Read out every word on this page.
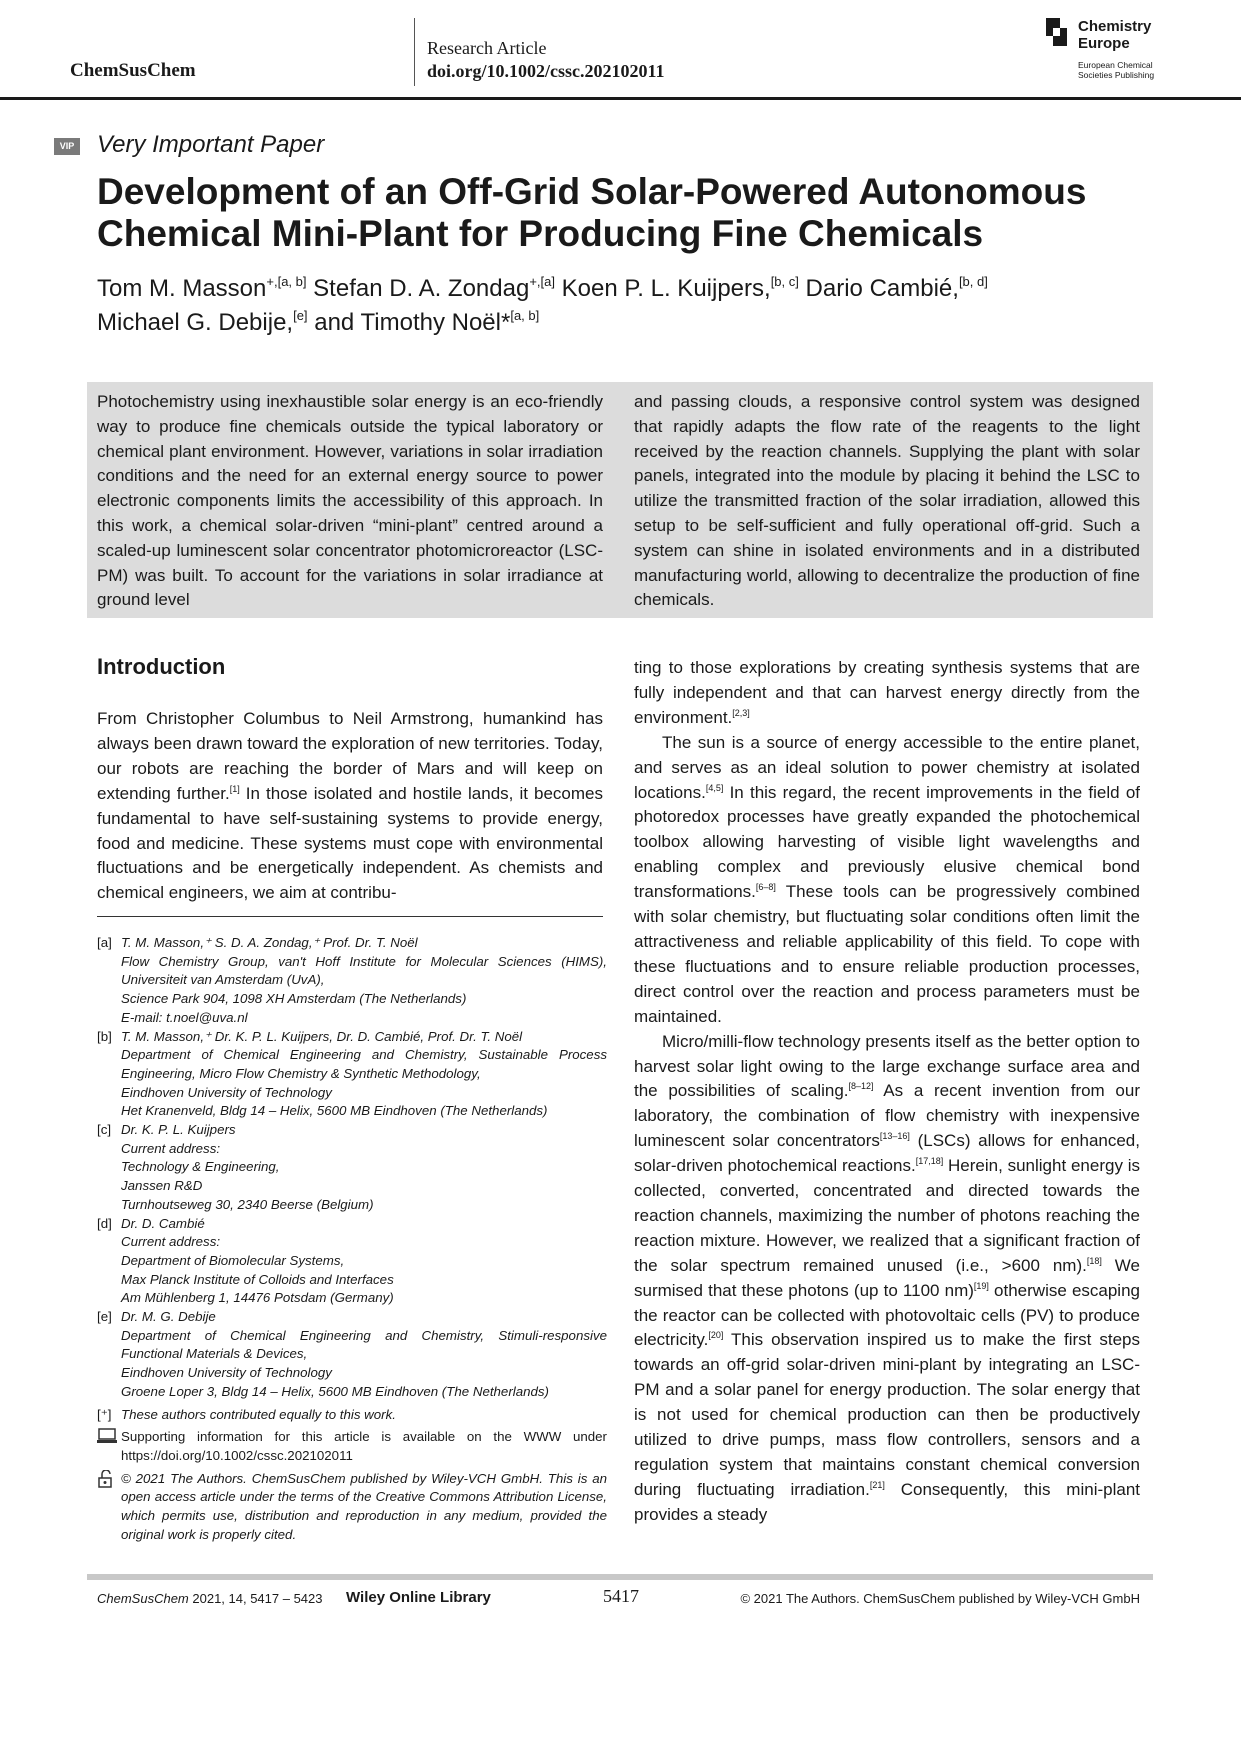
ChemSusChem
Research Article
doi.org/10.1002/cssc.202102011
Chemistry Europe
European Chemical
Societies Publishing
VIP Very Important Paper
Development of an Off-Grid Solar-Powered Autonomous Chemical Mini-Plant for Producing Fine Chemicals
Tom M. Masson$^{+,[a, b]}$ Stefan D. A. Zondag$^{+,[a]}$ Koen P. L. Kuijpers,[b, c] Dario Cambié,[b, d]
Michael G. Debije,[e] and Timothy Noël*[a, b]
Photochemistry using inexhaustible solar energy is an eco-friendly way to produce fine chemicals outside the typical laboratory or chemical plant environment. However, variations in solar irradiation conditions and the need for an external energy source to power electronic components limits the accessibility of this approach. In this work, a chemical solar-driven “mini-plant” centred around a scaled-up luminescent solar concentrator photomicroreactor (LSC-PM) was built. To account for the variations in solar irradiance at ground level
and passing clouds, a responsive control system was designed that rapidly adapts the flow rate of the reagents to the light received by the reaction channels. Supplying the plant with solar panels, integrated into the module by placing it behind the LSC to utilize the transmitted fraction of the solar irradiation, allowed this setup to be self-sufficient and fully operational off-grid. Such a system can shine in isolated environments and in a distributed manufacturing world, allowing to decentralize the production of fine chemicals.
Introduction
From Christopher Columbus to Neil Armstrong, humankind has always been drawn toward the exploration of new territories. Today, our robots are reaching the border of Mars and will keep on extending further.[1] In those isolated and hostile lands, it becomes fundamental to have self-sustaining systems to provide energy, food and medicine. These systems must cope with environmental fluctuations and be energetically independent. As chemists and chemical engineers, we aim at contribu-

ting to those explorations by creating synthesis systems that are fully independent and that can harvest energy directly from the environment.[2,3]

The sun is a source of energy accessible to the entire planet, and serves as an ideal solution to power chemistry at isolated locations.[4,5] In this regard, the recent improvements in the field of photoredox processes have greatly expanded the photochemical toolbox allowing harvesting of visible light wavelengths and enabling complex and previously elusive chemical bond transformations.[6–8] These tools can be progressively combined with solar chemistry, but fluctuating solar conditions often limit the attractiveness and reliable applicability of this field. To cope with these fluctuations and to ensure reliable production processes, direct control over the reaction and process parameters must be maintained.

Micro/milli-flow technology presents itself as the better option to harvest solar light owing to the large exchange surface area and the possibilities of scaling.[8–12] As a recent invention from our laboratory, the combination of flow chemistry with inexpensive luminescent solar concentrators[13–16] (LSCs) allows for enhanced, solar-driven photochemical reactions.[17,18] Herein, sunlight energy is collected, converted, concentrated and directed towards the reaction channels, maximizing the number of photons reaching the reaction mixture. However, we realized that a significant fraction of the solar spectrum remained unused (i.e., >600 nm).[18] We surmised that these photons (up to 1100 nm)[19] otherwise escaping the reactor can be collected with photovoltaic cells (PV) to produce electricity.[20] This observation inspired us to make the first steps towards an off-grid solar-driven mini-plant by integrating an LSC-PM and a solar panel for energy production. The solar energy that is not used for chemical production can then be productively utilized to drive pumps, mass flow controllers, sensors and a regulation system that maintains constant chemical conversion during fluctuating irradiation.[21] Consequently, this mini-plant provides a steady

[a] T. M. Masson,⁺ S. D. A. Zondag,⁺ Prof. Dr. T. Noël
Flow Chemistry Group, van't Hoff Institute for Molecular Sciences (HIMS), Universiteit van Amsterdam (UvA),
Science Park 904, 1098 XH Amsterdam (The Netherlands)
E-mail: t.noel@uva.nl
[b] T. M. Masson,⁺ Dr. K. P. L. Kuijpers, Dr. D. Cambié, Prof. Dr. T. Noël
Department of Chemical Engineering and Chemistry, Sustainable Process Engineering, Micro Flow Chemistry & Synthetic Methodology,
Eindhoven University of Technology
Het Kranenveld, Bldg 14 – Helix, 5600 MB Eindhoven (The Netherlands)
[c] Dr. K. P. L. Kuijpers
Current address:
Technology & Engineering,
Janssen R&D
Turnhoutseweg 30, 2340 Beerse (Belgium)
[d] Dr. D. Cambié
Current address:
Department of Biomolecular Systems,
Max Planck Institute of Colloids and Interfaces
Am Mühlenberg 1, 14476 Potsdam (Germany)
[e] Dr. M. G. Debije
Department of Chemical Engineering and Chemistry, Stimuli-responsive Functional Materials & Devices,
Eindhoven University of Technology
Groene Loper 3, Bldg 14 – Helix, 5600 MB Eindhoven (The Netherlands)
[⁺] These authors contributed equally to this work.
Supporting information for this article is available on the WWW under https://doi.org/10.1002/cssc.202102011
© 2021 The Authors. ChemSusChem published by Wiley-VCH GmbH. This is an open access article under the terms of the Creative Commons Attribution License, which permits use, distribution and reproduction in any medium, provided the original work is properly cited.
ChemSusChem 2021, 14, 5417 – 5423 Wiley Online Library	5417	© 2021 The Authors. ChemSusChem published by Wiley-VCH GmbH
